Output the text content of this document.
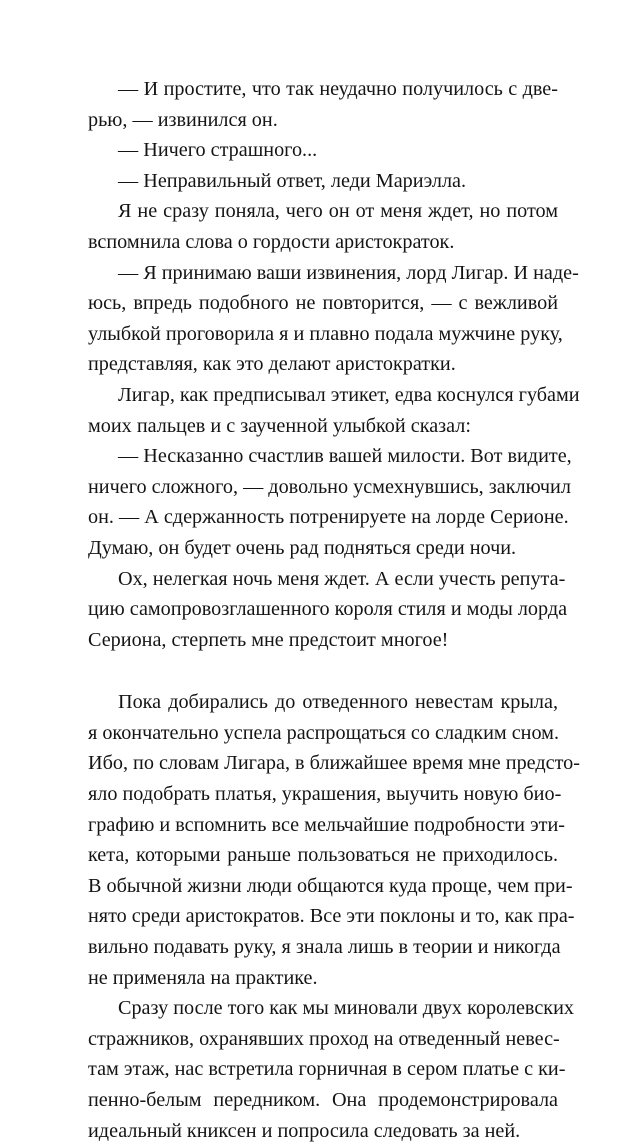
— И простите, что так неудачно получилось с две-
рью, — извинился он.
— Ничего страшного...
— Неправильный ответ, леди Мариэлла.
Я не сразу поняла, чего он от меня ждет, но потом
вспомнила слова о гордости аристократок.
— Я принимаю ваши извинения, лорд Лигар. И наде-
юсь, впредь подобного не повторится, — с вежливой
улыбкой проговорила я и плавно подала мужчине руку,
представляя, как это делают аристократки.
Лигар, как предписывал этикет, едва коснулся губами
моих пальцев и с заученной улыбкой сказал:
— Несказанно счастлив вашей милости. Вот видите,
ничего сложного, — довольно усмехнувшись, заключил
он. — А сдержанность потренируете на лорде Серионе.
Думаю, он будет очень рад подняться среди ночи.
Ох, нелегкая ночь меня ждет. А если учесть репута-
цию самопровозглашенного короля стиля и моды лорда
Сериона, стерпеть мне предстоит многое!
Пока добирались до отведенного невестам крыла,
я окончательно успела распрощаться со сладким сном.
Ибо, по словам Лигара, в ближайшее время мне предсто-
яло подобрать платья, украшения, выучить новую био-
графию и вспомнить все мельчайшие подробности эти-
кета, которыми раньше пользоваться не приходилось.
В обычной жизни люди общаются куда проще, чем при-
нято среди аристократов. Все эти поклоны и то, как пра-
вильно подавать руку, я знала лишь в теории и никогда
не применяла на практике.
Сразу после того как мы миновали двух королевских
стражников, охранявших проход на отведенный невес-
там этаж, нас встретила горничная в сером платье с ки-
пенно-белым передником. Она продемонстрировала
идеальный книксен и попросила следовать за ней.
